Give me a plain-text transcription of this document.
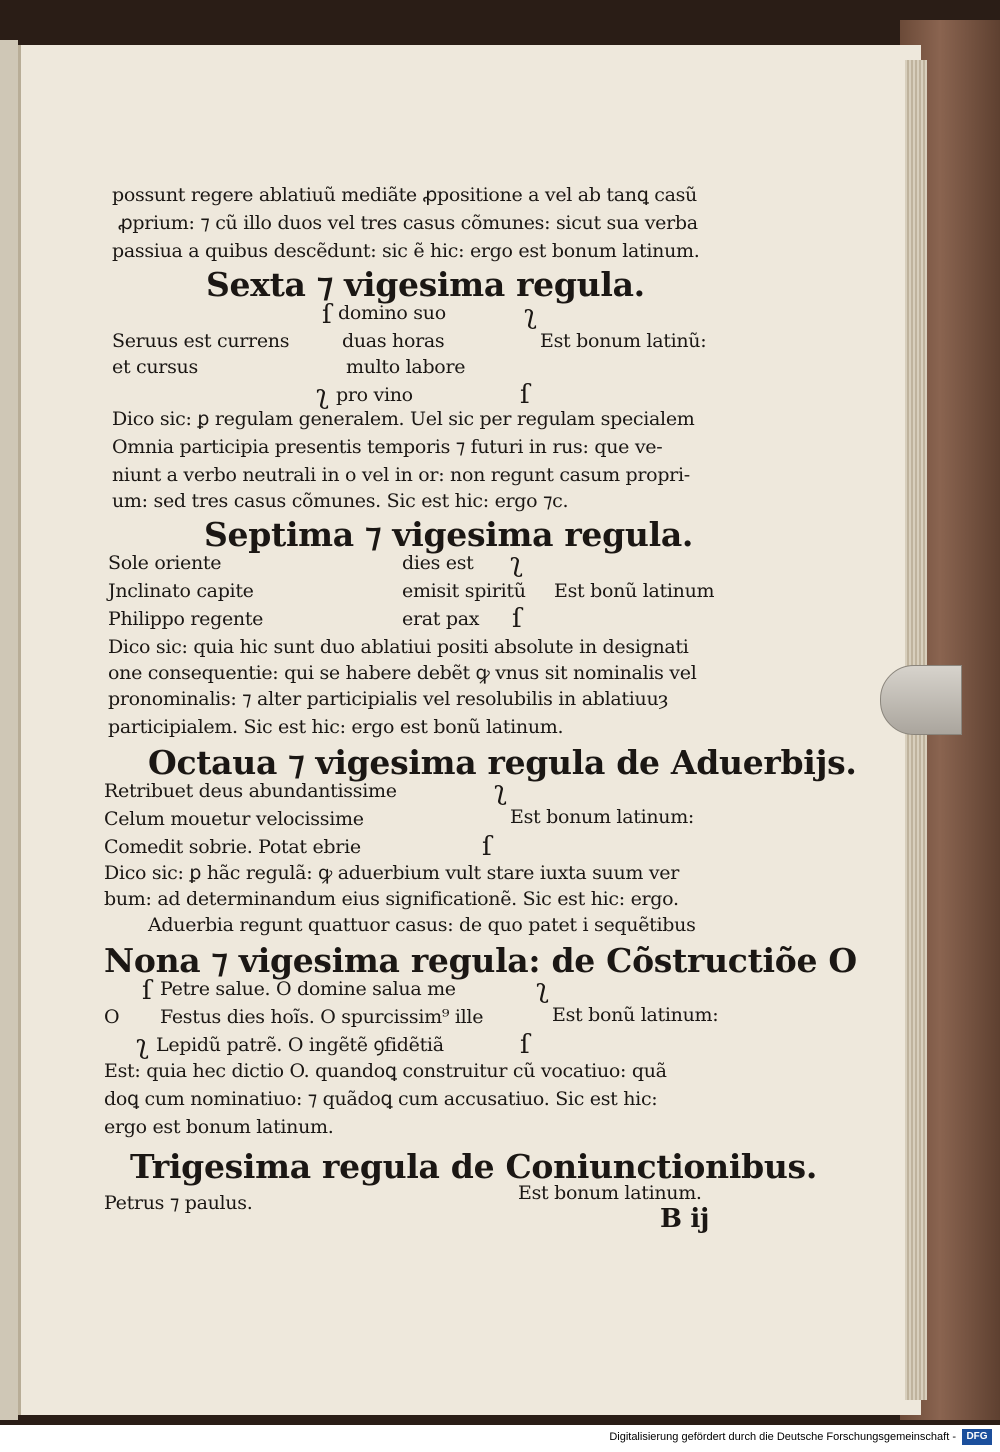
possunt regere ablatiuũ mediãte ꝓpositione a vel ab tanꝗ casũ
ꝓprium: ⁊ cũ illo duos vel tres casus cõmunes: sicut sua verba
passiua a quibus descẽdunt: sic ẽ hic: ergo est bonum latinum.
Sexta ⁊ vigesima regula.
ſ domino suo	ʅ
Seruus est currens	duas horas	Est bonum latinũ:
et cursus	multo labore
ʅ pro vino	ſ
Dico sic: ꝑ regulam generalem. Uel sic per regulam specialem
Omnia participia presentis temporis ⁊ futuri in rus: que ve-
niunt a verbo neutrali in o vel in or: non regunt casum propri-
um: sed tres casus cõmunes. Sic est hic: ergo ⁊c.
Septima ⁊ vigesima regula.
Sole oriente	dies est ʅ
Jnclinato capite	emisit spiritũ Est bonũ latinum
Philippo regente	erat pax ſ
Dico sic: quia hic sunt duo ablatiui positi absolute in designati
one consequentie: qui se habere debẽt ꝙ vnus sit nominalis vel
pronominalis: ⁊ alter participialis vel resolubilis in ablatiuuȝ
participialem. Sic est hic: ergo est bonũ latinum.
Octaua ⁊ vigesima regula de Aduerbijs.
Retribuet deus abundantissime	ʅ
Celum mouetur velocissime	Est bonum latinum:
Comedit sobrie. Potat ebrie	ſ
Dico sic: ꝑ hãc regulã: ꝙ aduerbium vult stare iuxta suum ver
bum: ad determinandum eius significationẽ. Sic est hic: ergo.
Aduerbia regunt quattuor casus: de quo patet i sequẽtibus
Nona ⁊ vigesima regula: de Cõstructiõe O
ſ Petre salue. O domine salua me	ʅ
O Festus dies hoĩs. O spurcissim⁹ ille	Est bonũ latinum:
ʅ Lepidũ patrẽ. O ingẽtẽ ꝯfidẽtiã	ſ
Est: quia hec dictio O. quandoꝗ construitur cũ vocatiuo: quã
doꝗ cum nominatiuo: ⁊ quãdoꝗ cum accusatiuo. Sic est hic:
ergo est bonum latinum.
Trigesima regula de Coniunctionibus.
Petrus ⁊ paulus.	Est bonum latinum.
B ij
Digitalisierung gefördert durch die Deutsche Forschungsgemeinschaft -	DFG
